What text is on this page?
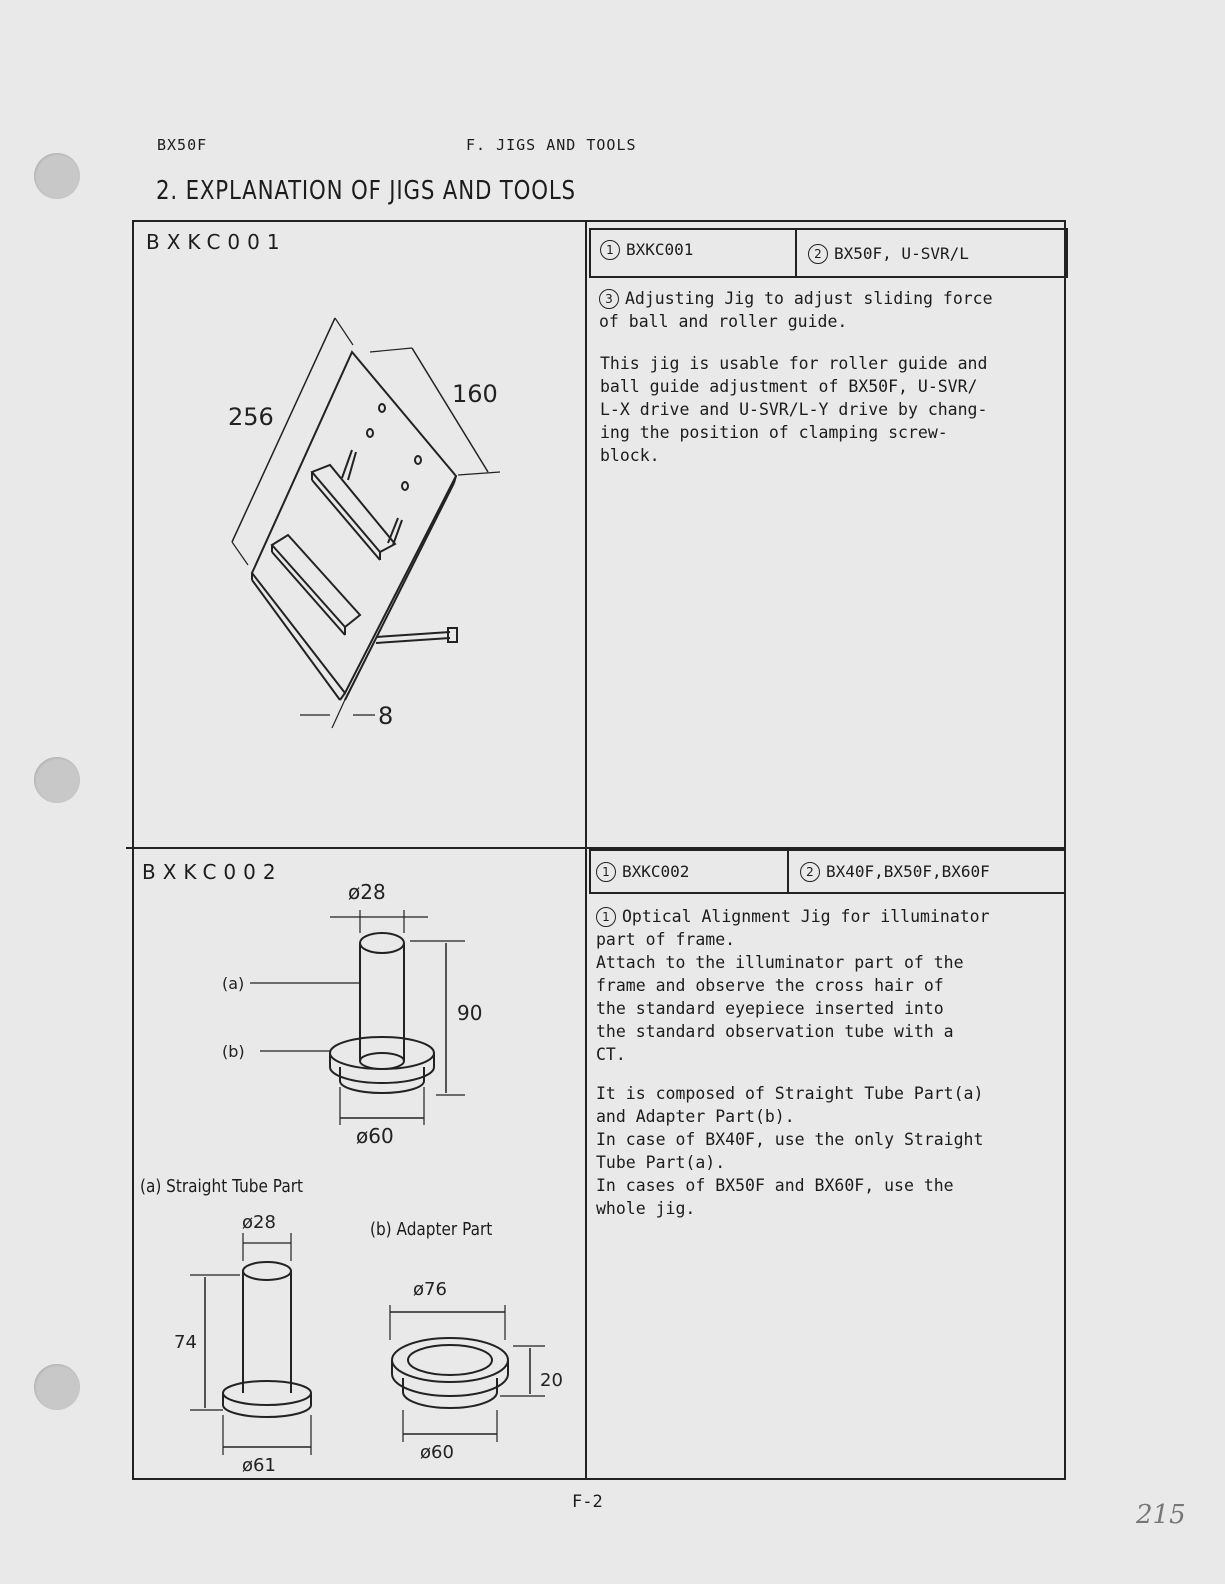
BX50F	F. JIGS AND TOOLS
2. EXPLANATION OF JIGS AND TOOLS
BXKC001	1 BXKC001	2 BX50F, U-SVR/L
3 Adjusting Jig to adjust sliding force
of ball and roller guide.
This jig is usable for roller guide and
ball guide adjustment of BX50F, U-SVR/
L-X drive and U-SVR/L-Y drive by chang-
ing the position of clamping screw-
block.
256
160
8
BXKC002	1 BXKC002	2 BX40F,BX50F,BX60F
1 Optical Alignment Jig for illuminator
part of frame.
Attach to the illuminator part of the
frame and observe the cross hair of
the standard eyepiece inserted into
the standard observation tube with a
CT.
It is composed of Straight Tube Part(a)
and Adapter Part(b).
In case of BX40F, use the only Straight
Tube Part(a).
In cases of BX50F and BX60F, use the
whole jig.
ø28
90
ø60
(a)
(b)
(a) Straight Tube Part
(b) Adapter Part
ø28
74
ø61
ø76
20
ø60
F-2	215
